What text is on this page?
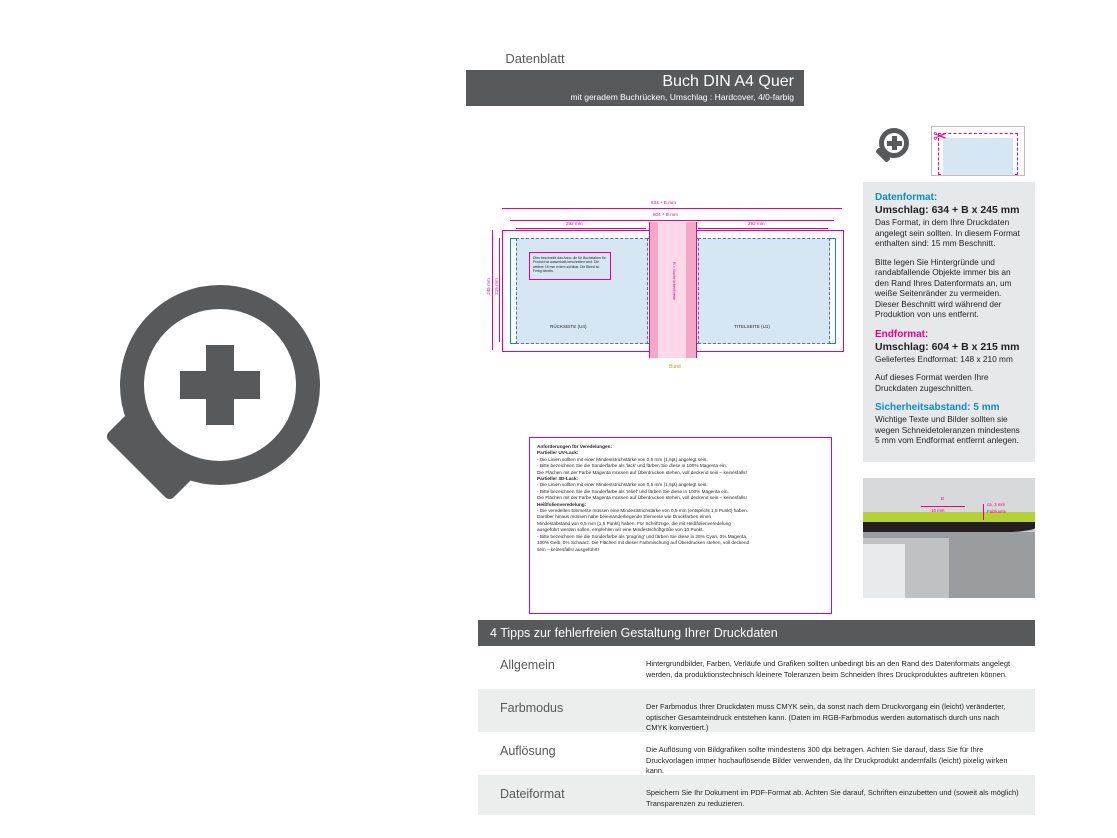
Datenblatt
Buch DIN A4 Quer
mit geradem Buchrücken, Umschlag : Hardcover, 4/0-farbig
✂
Datenformat:
Umschlag: 634 + B x 245 mm
Das Format, in dem Ihre Druckdaten angelegt sein sollten. In diesem Format enthalten sind: 15 mm Beschnitt.
Bitte legen Sie Hintergründe und randabfallende Objekte immer bis an den Rand Ihres Datenformats an, um weiße Seitenränder zu vermeiden. Dieser Beschnitt wird während der Produktion von uns entfernt.
Endformat:
Umschlag: 604 + B x 215 mm
Geliefertes Endformat: 148 x 210 mm
Auf dieses Format werden Ihre Druckdaten zugeschnitten.
Sicherheitsabstand: 5 mm
Wichtige Texte und Bilder sollten sie wegen Schneidetoleranzen mindestens 5 mm vom Endformat entfernt anlegen.
634 + B mm
604 + B mm
292 mm	292 mm
245 mm 215 mm
Dies beschreibt das Area, die für Buchstaben für Produkt ist ausserhalb beschnitten wird. Die weitere 15 mm extern sichtbar. Die Bleed ist Fertig bereits.	B = Buchrückenbreite
RÜCKSEITE (U4)	TITELSEITE (U1)
Bund
Anforderungen für Veredelungen:
Partieller UV-Lack:
- Die Linien sollten mit einer Mindeststrichstärke von 0,5 mm (1,5pt) angelegt sein.
- Bitte bezeichnen Sie die Sonderfarbe als 'lack' und färben Sie diese in 100% Magenta ein.
Die Flächen mit der Farbe Magenta müssen auf Überdrucken stehen, voll deckend sein – keinesfalls!
Partieller 3D-Lack:
- Die Linien sollten mit einer Mindeststrichstärke von 0,5 mm (1,5pt) angelegt sein.
- Bitte bezeichnen Sie die Sonderfarbe als 'relief' und färben Sie diese in 100% Magenta ein.
Die Flächen mit der Farbe Magenta müssen auf Überdrucken stehen, voll deckend sein – keinesfalls!
Heißfolienveredelung:
- Die veredelten Elemente müssen eine Mindeststrichstärke von 0,5 mm (entspricht 1,5 Punkt) haben.
Darüber hinaus müssen nahe beieinanderliegende Elemente wie Druckfarben einen
Mindestabstand von 0,5 mm (1,5 Punkt) haben. Für Schriftzüge, die mit Heißfolienveredelung
ausgeführt werden sollen, empfehlen wir eine Mindestschriftgröße von 10 Punkt.
- Bitte bezeichnen Sie die Sonderfarbe als 'pragring' und färben Sie diese in 25% Cyan, 0% Magenta,
100% Gelb, 0% Schwarz. Die Flächen mit dieser Farbmischung auf Überdrucken stehen, voll deckend
sein – keinesfalls! ausgeführt!
B
10 mm
ca. 3 mm
Falzkante
4 Tipps zur fehlerfreien Gestaltung Ihrer Druckdaten
Allgemein	Hintergrundbilder, Farben, Verläufe und Grafiken sollten unbedingt bis an den Rand des Datenformats angelegt werden, da produktionstechnisch kleinere Toleranzen beim Schneiden Ihres Druckproduktes auftreten können.
Farbmodus	Der Farbmodus Ihrer Druckdaten muss CMYK sein, da sonst nach dem Druckvorgang ein (leicht) veränderter, optischer Gesamteindruck entstehen kann. (Daten im RGB-Farbmodus werden automatisch durch uns nach CMYK konvertiert.)
Auflösung	Die Auflösung von Bildgrafiken sollte mindestens 300 dpi betragen. Achten Sie darauf, dass Sie für Ihre Druckvorlagen immer hochauflösende Bilder verwenden, da Ihr Druckprodukt andernfalls (leicht) pixelig wirken kann.
Dateiformat	Speichern Sie Ihr Dokument im PDF-Format ab. Achten Sie darauf, Schriften einzubetten und (soweit als möglich) Transparenzen zu reduzieren.
